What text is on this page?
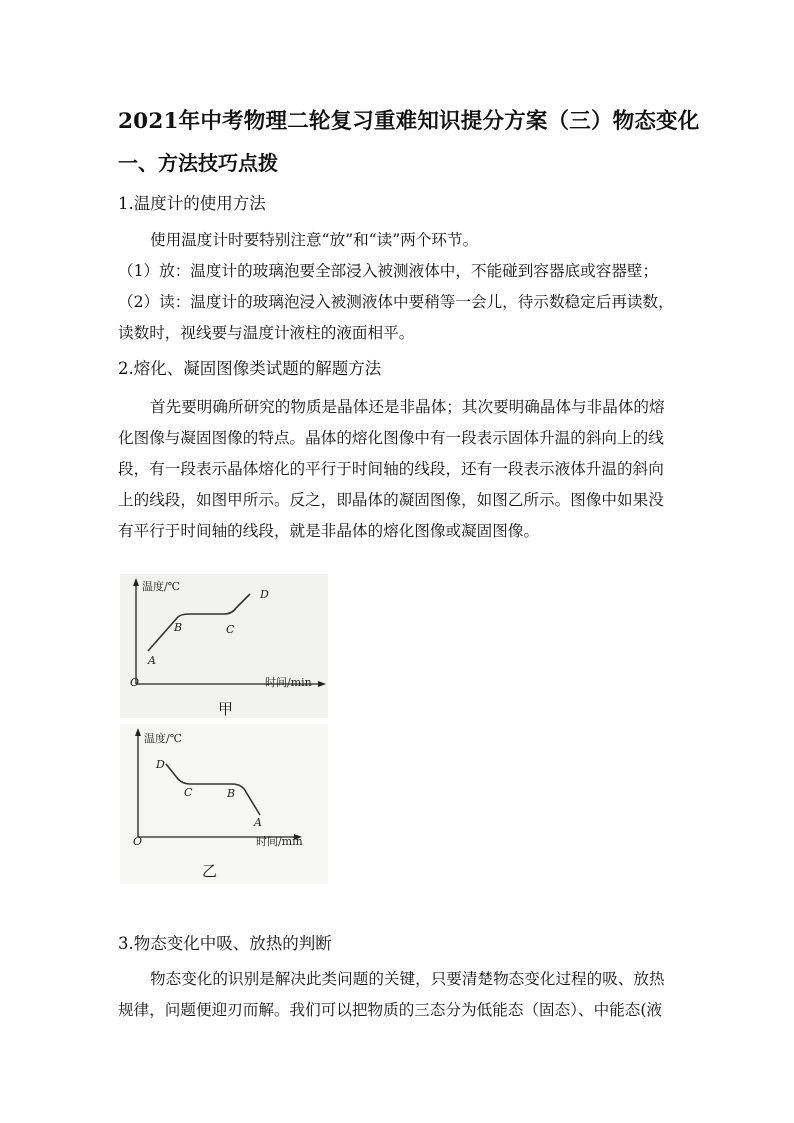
2021年中考物理二轮复习重难知识提分方案（三）物态变化
一、方法技巧点拨
1.温度计的使用方法
使用温度计时要特别注意“放”和“读”两个环节。
（1）放：温度计的玻璃泡要全部浸入被测液体中，不能碰到容器底或容器壁；
（2）读：温度计的玻璃泡浸入被测液体中要稍等一会儿，待示数稳定后再读数，
读数时，视线要与温度计液柱的液面相平。
2.熔化、凝固图像类试题的解题方法
首先要明确所研究的物质是晶体还是非晶体；其次要明确晶体与非晶体的熔
化图像与凝固图像的特点。晶体的熔化图像中有一段表示固体升温的斜向上的线
段，有一段表示晶体熔化的平行于时间轴的线段，还有一段表示液体升温的斜向
上的线段，如图甲所示。反之，即晶体的凝固图像，如图乙所示。图像中如果没
有平行于时间轴的线段，就是非晶体的熔化图像或凝固图像。
温度/℃
时间/min
O
A
B	C
D
甲
温度/℃
时间/min
O
D
C	B
A
乙
3.物态变化中吸、放热的判断
物态变化的识别是解决此类问题的关键，只要清楚物态变化过程的吸、放热
规律，问题便迎刃而解。我们可以把物质的三态分为低能态（固态）、中能态(液
